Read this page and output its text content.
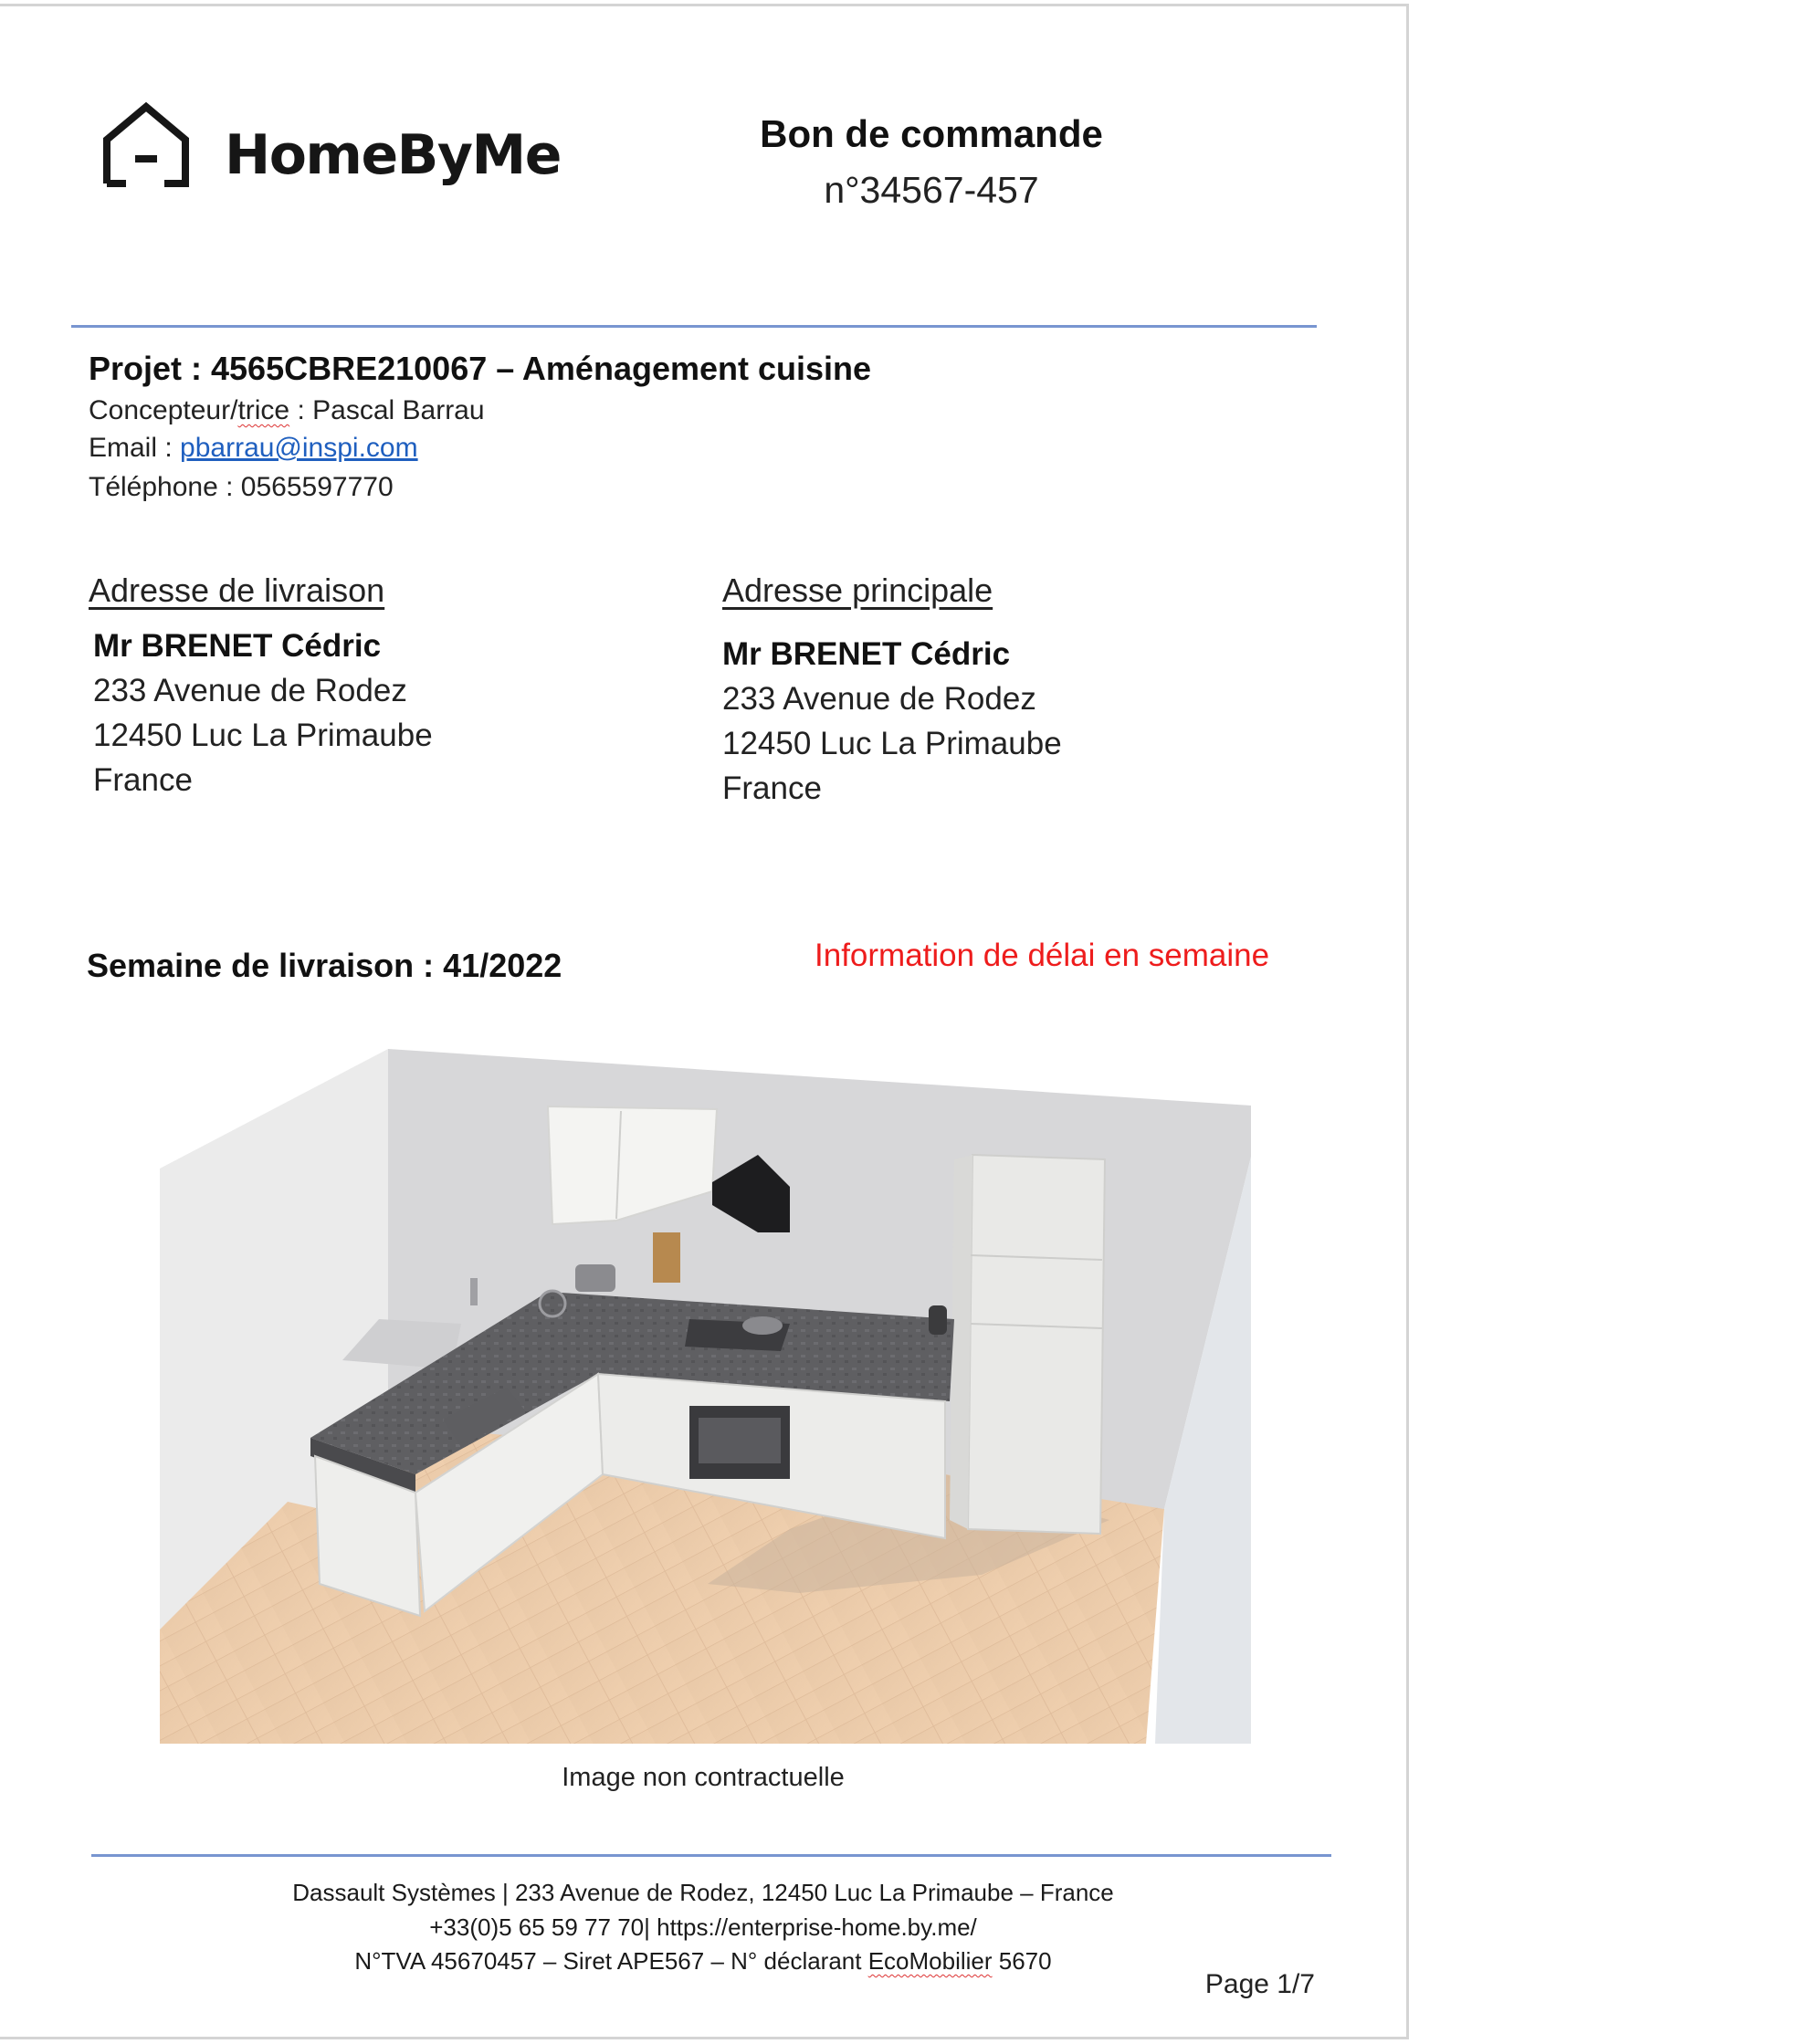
HomeByMe	Bon de commande
n°34567-457
Projet : 4565CBRE210067 – Aménagement cuisine
Concepteur/trice : Pascal Barrau
Email : pbarrau@inspi.com
Téléphone : 0565597770
Adresse de livraison
Mr BRENET Cédric
233 Avenue de Rodez
12450 Luc La Primaube
France
Adresse principale
Mr BRENET Cédric
233 Avenue de Rodez
12450 Luc La Primaube
France
Semaine de livraison : 41/2022	Information de délai en semaine
Image non contractuelle
Dassault Systèmes | 233 Avenue de Rodez, 12450 Luc La Primaube – France
+33(0)5 65 59 77 70| https://enterprise-home.by.me/
N°TVA 45670457 – Siret APE567 – N° déclarant EcoMobilier 5670
Page 1/7
